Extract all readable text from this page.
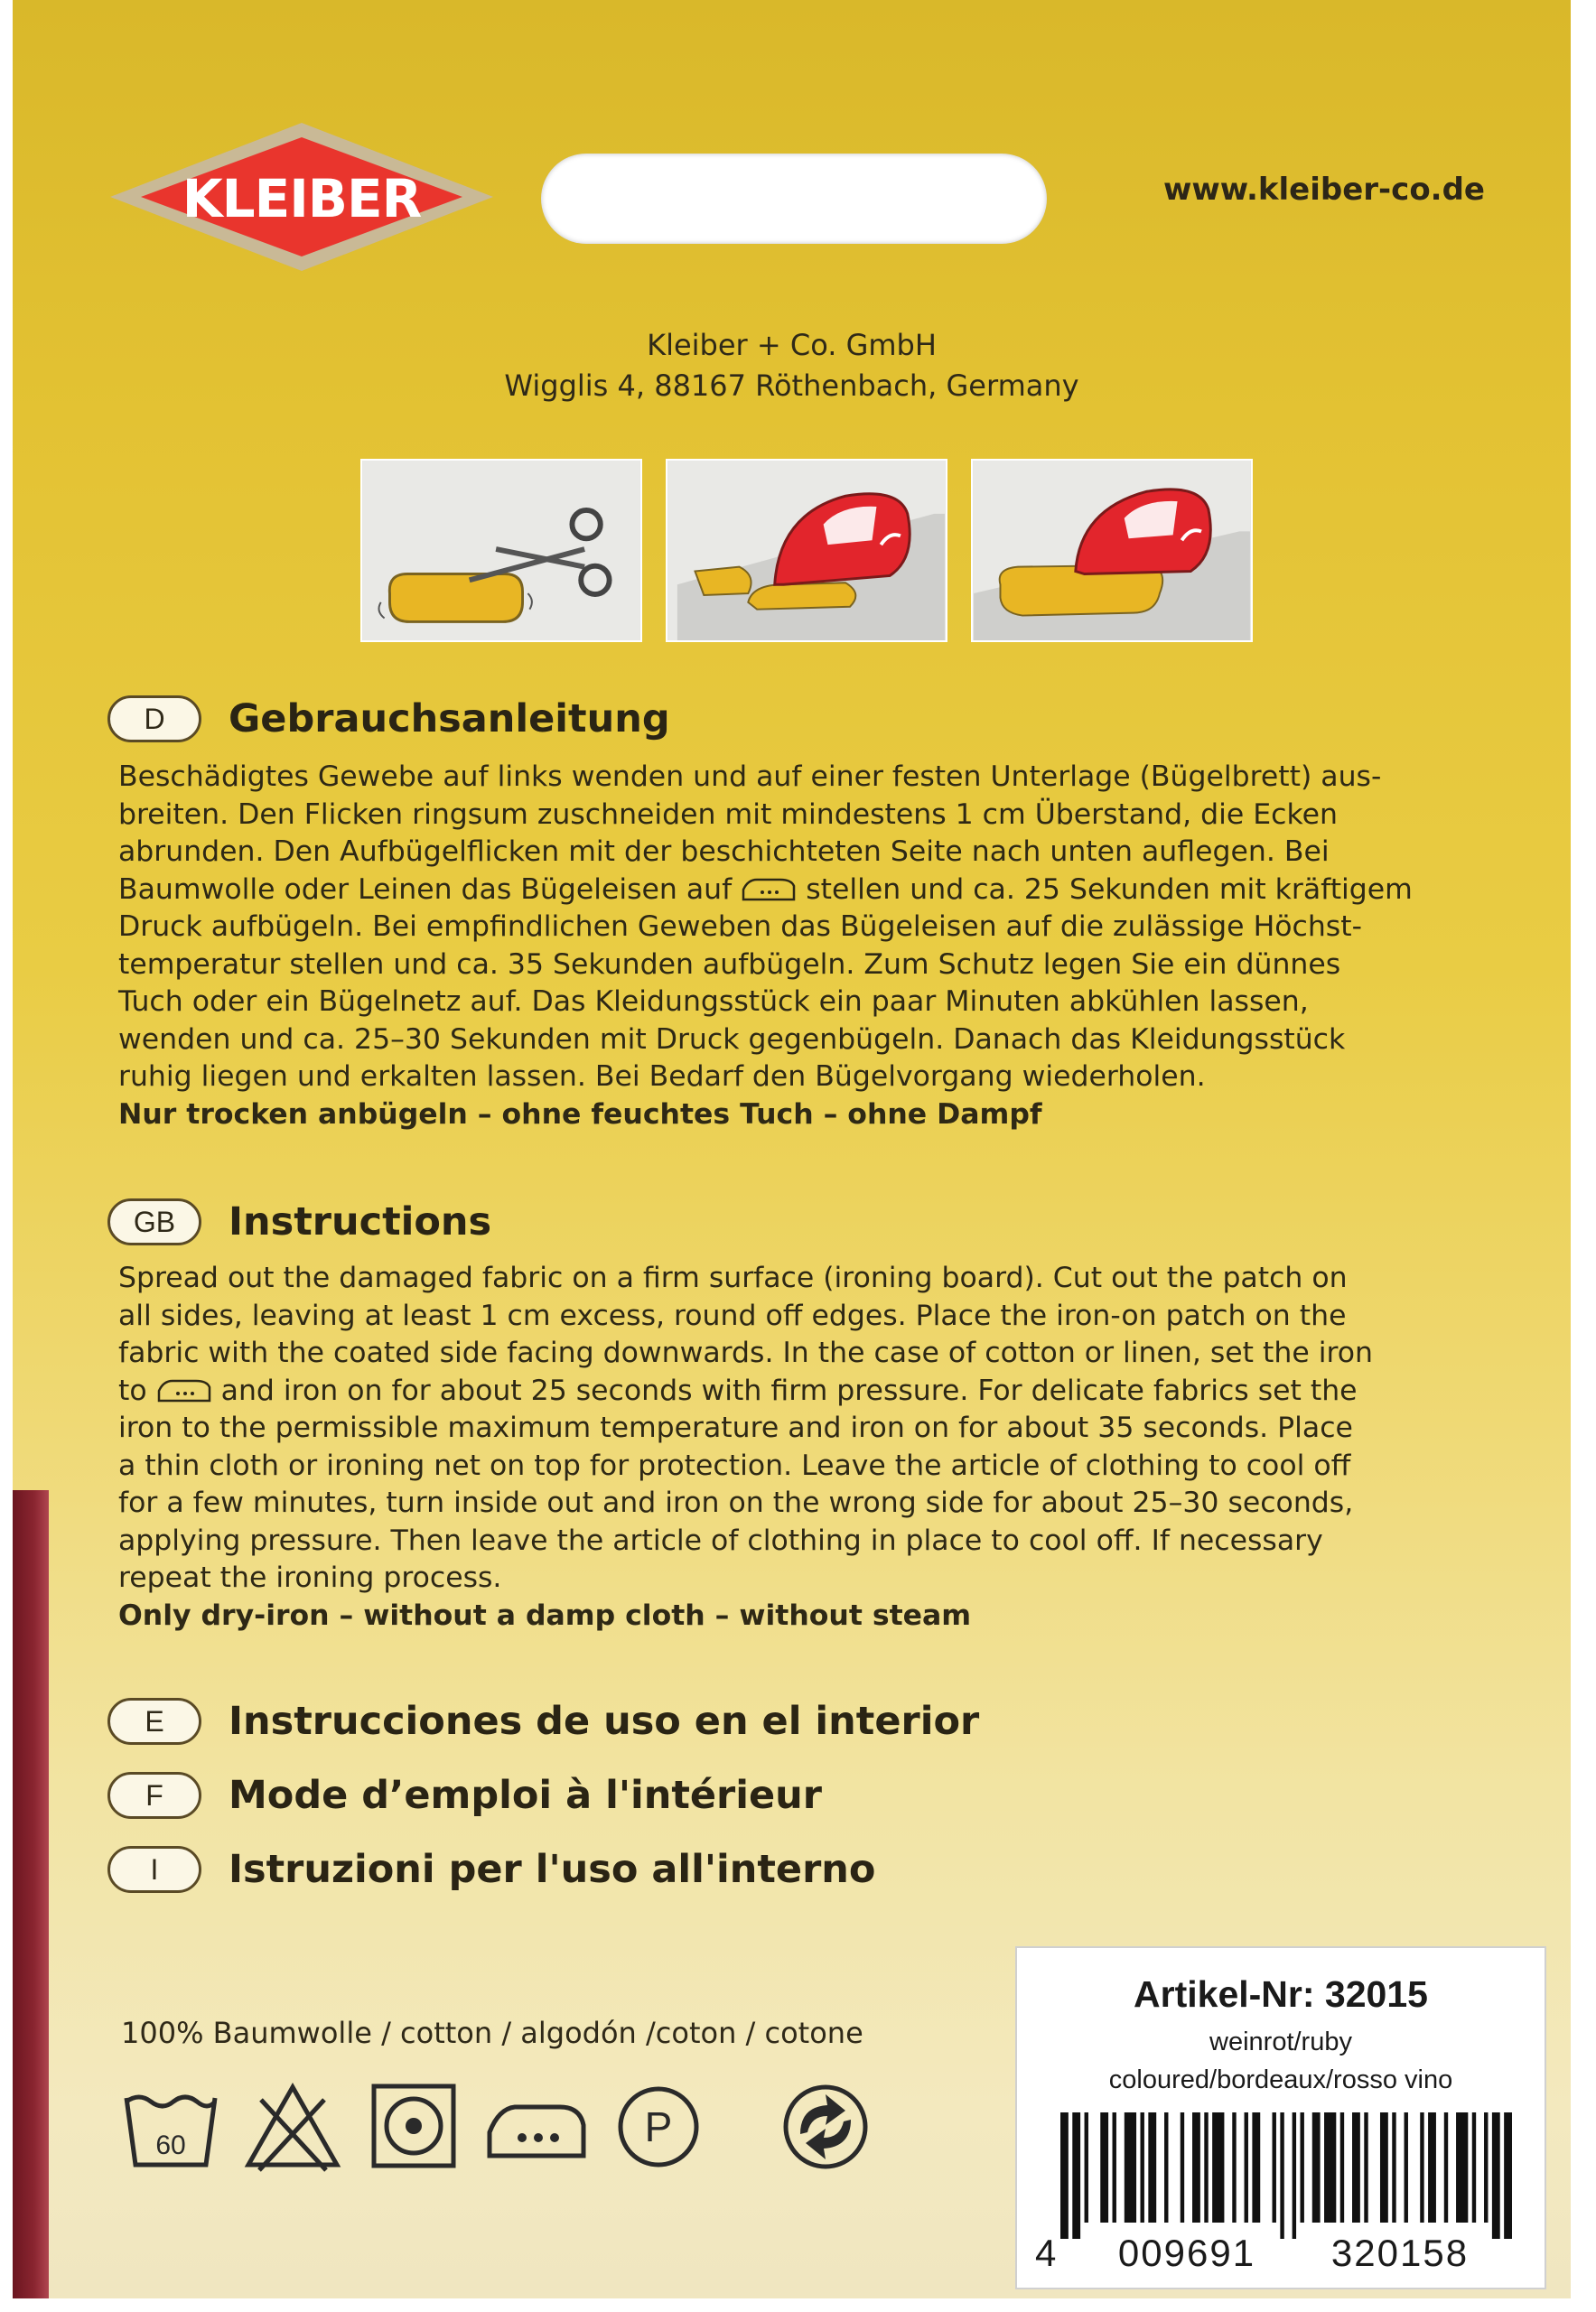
KLEIBER	www.kleiber-co.de
Kleiber + Co. GmbH
Wigglis 4, 88167 Röthenbach, Germany
D	Gebrauchsanleitung
Beschädigtes Gewebe auf links wenden und auf einer festen Unterlage (Bügelbrett) aus-
breiten. Den Flicken ringsum zuschneiden mit mindestens 1 cm Überstand, die Ecken
abrunden. Den Aufbügelflicken mit der beschichteten Seite nach unten auflegen. Bei
Baumwolle oder Leinen das Bügeleisen auf	stellen und ca. 25 Sekunden mit kräftigem
Druck aufbügeln. Bei empfindlichen Geweben das Bügeleisen auf die zulässige Höchst-
temperatur stellen und ca. 35 Sekunden aufbügeln. Zum Schutz legen Sie ein dünnes
Tuch oder ein Bügelnetz auf. Das Kleidungsstück ein paar Minuten abkühlen lassen,
wenden und ca. 25–30 Sekunden mit Druck gegenbügeln. Danach das Kleidungsstück
ruhig liegen und erkalten lassen. Bei Bedarf den Bügelvorgang wiederholen.
Nur trocken anbügeln – ohne feuchtes Tuch – ohne Dampf
GB	Instructions
Spread out the damaged fabric on a firm surface (ironing board). Cut out the patch on
all sides, leaving at least 1 cm excess, round off edges. Place the iron-on patch on the
fabric with the coated side facing downwards. In the case of cotton or linen, set the iron
to	and iron on for about 25 seconds with firm pressure. For delicate fabrics set the
iron to the permissible maximum temperature and iron on for about 35 seconds. Place
a thin cloth or ironing net on top for protection. Leave the article of clothing to cool off
for a few minutes, turn inside out and iron on the wrong side for about 25–30 seconds,
applying pressure. Then leave the article of clothing in place to cool off. If necessary
repeat the ironing process.
Only dry-iron – without a damp cloth – without steam
E	Instrucciones de uso en el interior
F	Mode d’emploi à l'intérieur
I	Istruzioni per l'uso all'interno
100% Baumwolle / cotton / algodón /coton / cotone
60	P
Artikel-Nr: 32015
weinrot/ruby
coloured/bordeaux/rosso vino
4 009691 320158
